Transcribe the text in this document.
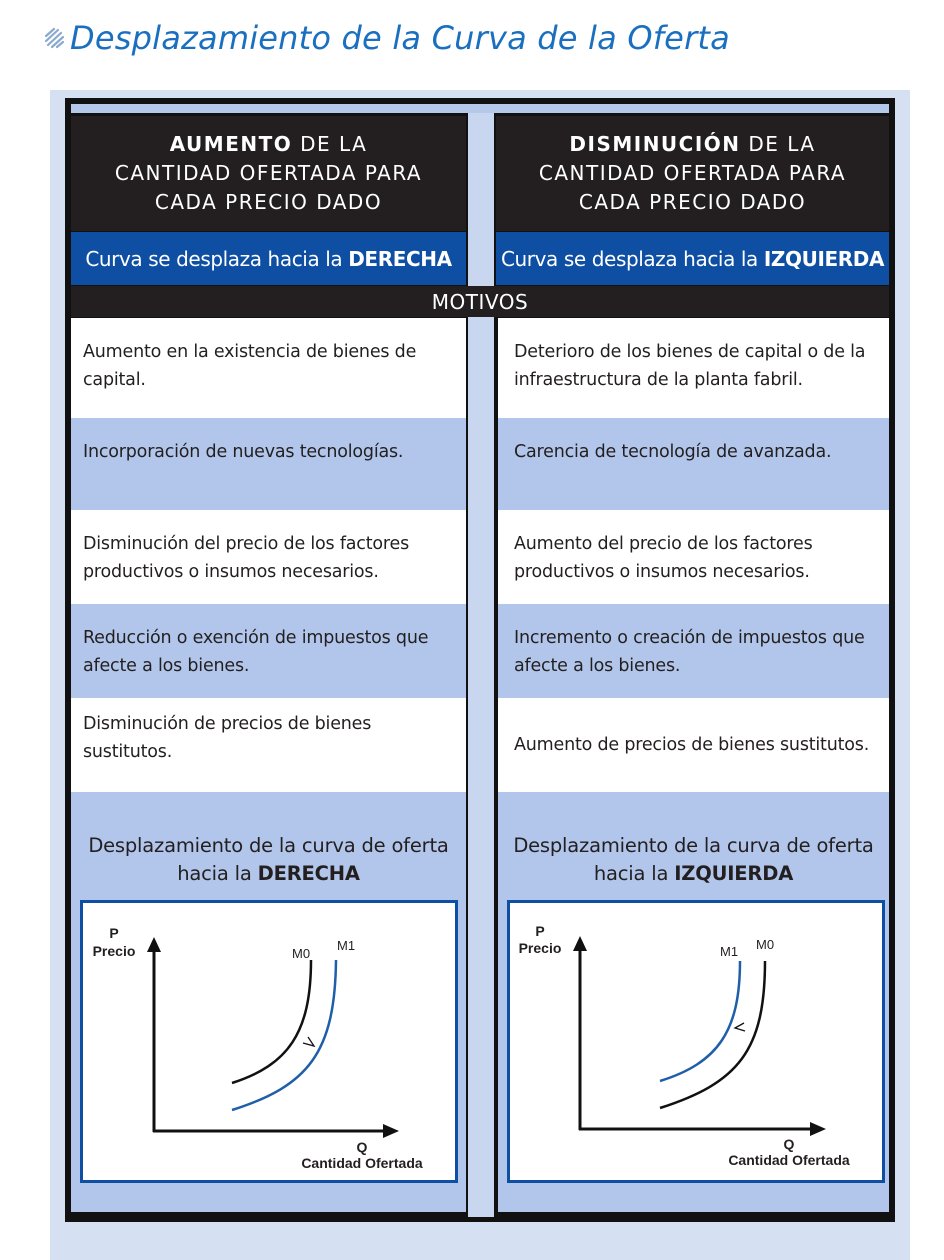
Desplazamiento de la Curva de la Oferta
AUMENTO DE LA
CANTIDAD OFERTADA PARA
CADA PRECIO DADO
DISMINUCIÓN DE LA
CANTIDAD OFERTADA PARA
CADA PRECIO DADO
Curva se desplaza hacia la DERECHA Curva se desplaza hacia la IZQUIERDA
MOTIVOS
Aumento en la existencia de bienes de capital.
Deterioro de los bienes de capital o de la infraestructura de la planta fabril.
Incorporación de nuevas tecnologías.	Carencia de tecnología de avanzada.
Disminución del precio de los factores productivos o insumos necesarios.
Aumento del precio de los factores productivos o insumos necesarios.
Reducción o exención de impuestos que afecte a los bienes.
Incremento o creación de impuestos que afecte a los bienes.
Disminución de precios de bienes sustitutos.	Aumento de precios de bienes sustitutos.
Desplazamiento de la curva de oferta
hacia la DERECHA
Desplazamiento de la curva de oferta
hacia la IZQUIERDA
P
Precio
Q
Cantidad Ofertada
M0
M1
P
Precio
Q
Cantidad Ofertada
M1 M0
